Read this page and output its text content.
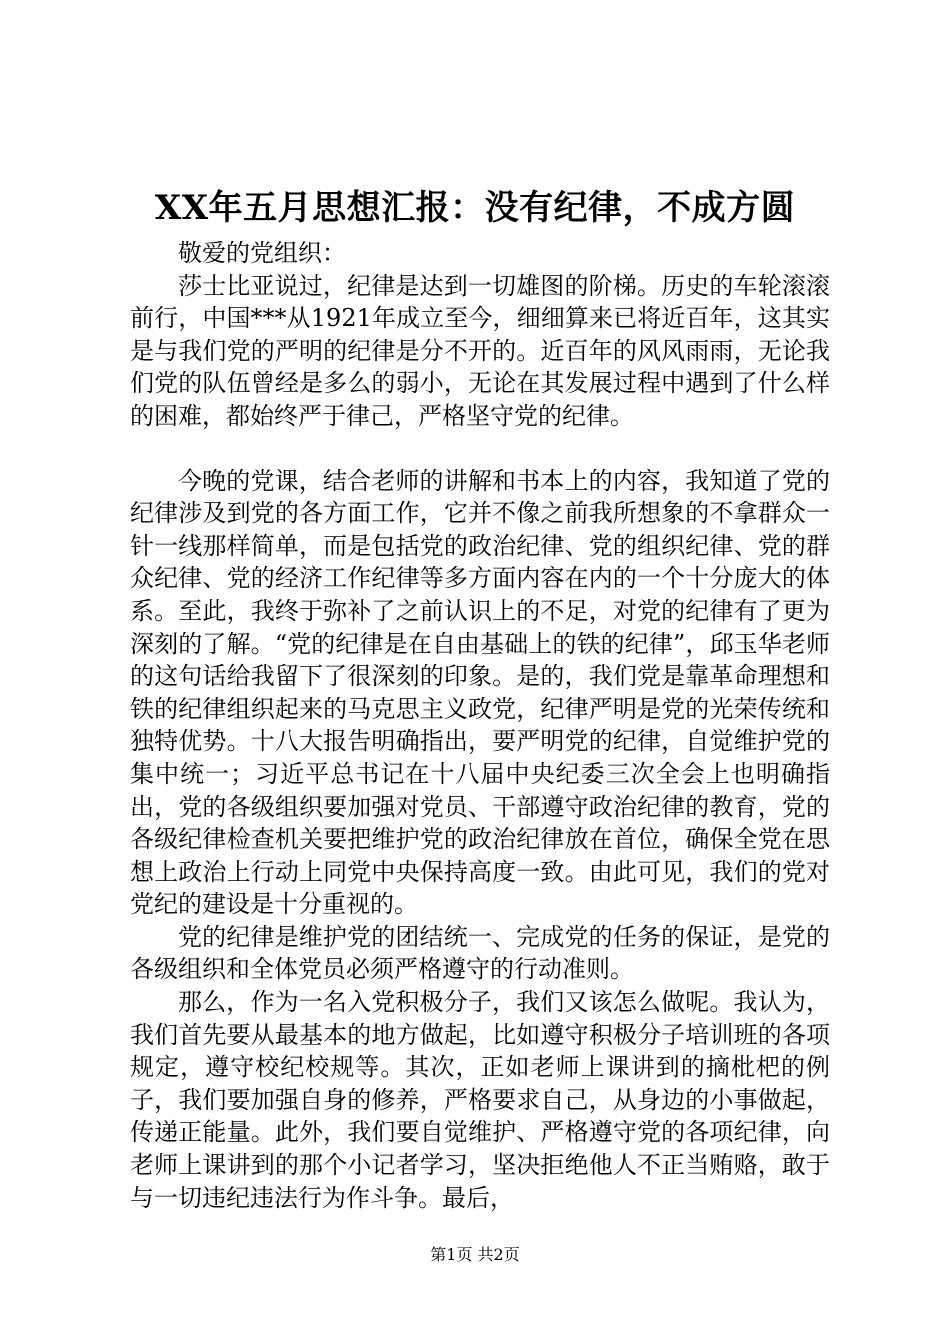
XX年五月思想汇报：没有纪律，不成方圆

敬爱的党组织：

莎士比亚说过，纪律是达到一切雄图的阶梯。历史的车轮滚滚前行，中国***从1921年成立至今，细细算来已将近百年，这其实是与我们党的严明的纪律是分不开的。近百年的风风雨雨，无论我们党的队伍曾经是多么的弱小，无论在其发展过程中遇到了什么样的困难，都始终严于律己，严格坚守党的纪律。

今晚的党课，结合老师的讲解和书本上的内容，我知道了党的纪律涉及到党的各方面工作，它并不像之前我所想象的不拿群众一针一线那样简单，而是包括党的政治纪律、党的组织纪律、党的群众纪律、党的经济工作纪律等多方面内容在内的一个十分庞大的体系。至此，我终于弥补了之前认识上的不足，对党的纪律有了更为深刻的了解。“党的纪律是在自由基础上的铁的纪律”，邱玉华老师的这句话给我留下了很深刻的印象。是的，我们党是靠革命理想和铁的纪律组织起来的马克思主义政党，纪律严明是党的光荣传统和独特优势。十八大报告明确指出，要严明党的纪律，自觉维护党的集中统一；习近平总书记在十八届中央纪委三次全会上也明确指出，党的各级组织要加强对党员、干部遵守政治纪律的教育，党的各级纪律检查机关要把维护党的政治纪律放在首位，确保全党在思想上政治上行动上同党中央保持高度一致。由此可见，我们的党对党纪的建设是十分重视的。

党的纪律是维护党的团结统一、完成党的任务的保证，是党的各级组织和全体党员必须严格遵守的行动准则。

那么，作为一名入党积极分子，我们又该怎么做呢。我认为，我们首先要从最基本的地方做起，比如遵守积极分子培训班的各项规定，遵守校纪校规等。其次，正如老师上课讲到的摘枇杷的例子，我们要加强自身的修养，严格要求自己，从身边的小事做起，传递正能量。此外，我们要自觉维护、严格遵守党的各项纪律，向老师上课讲到的那个小记者学习，坚决拒绝他人不正当贿赂，敢于与一切违纪违法行为作斗争。最后，

第1页 共2页
